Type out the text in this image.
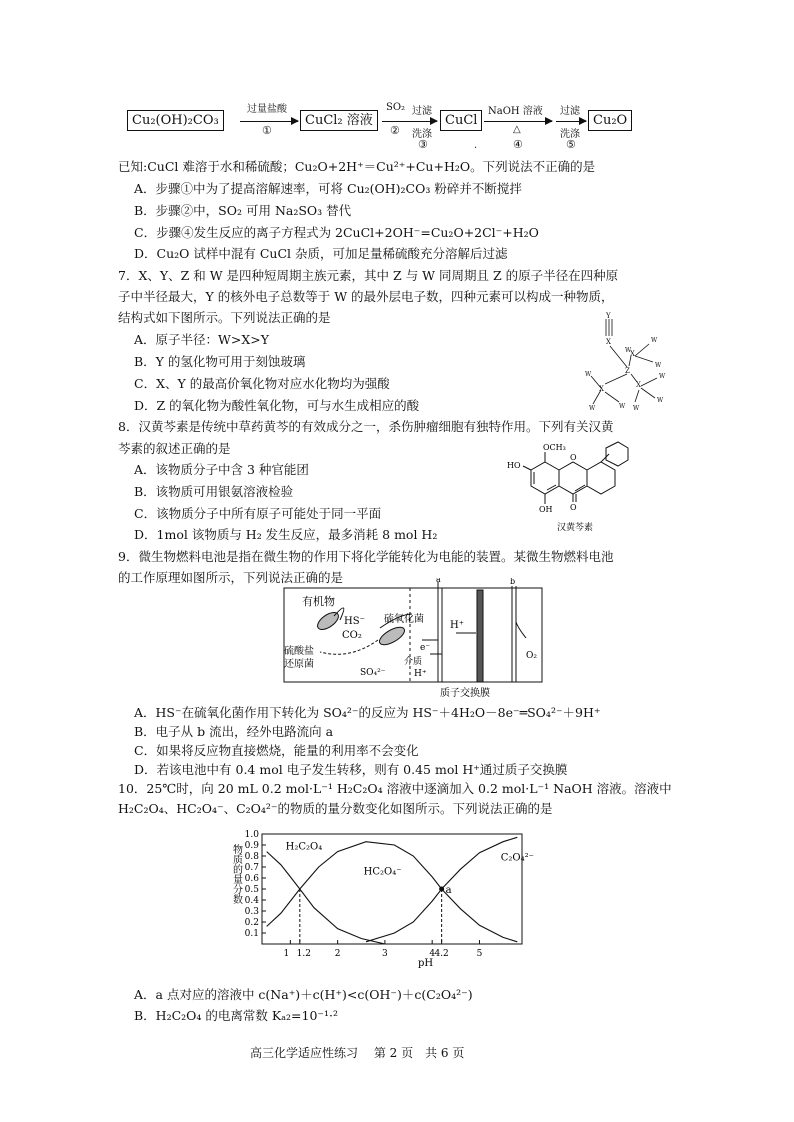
Cu₂(OH)₂CO₃
过量盐酸
①
CuCl₂ 溶液
SO₂
②
过滤
洗涤
③
CuCl
NaOH 溶液
△
④
.
过滤
洗涤
⑤
Cu₂O
已知:CuCl 难溶于水和稀硫酸；Cu₂O+2H⁺＝Cu²⁺+Cu+H₂O。下列说法不正确的是
A．步骤①中为了提高溶解速率，可将 Cu₂(OH)₂CO₃ 粉碎并不断搅拌
B．步骤②中，SO₂ 可用 Na₂SO₃ 替代
C．步骤④发生反应的离子方程式为 2CuCl+2OH⁻=Cu₂O+2Cl⁻+H₂O
D．Cu₂O 试样中混有 CuCl 杂质，可加足量稀硫酸充分溶解后过滤
7．X、Y、Z 和 W 是四种短周期主族元素，其中 Z 与 W 同周期且 Z 的原子半径在四种原
子中半径最大，Y 的核外电子总数等于 W 的最外层电子数，四种元素可以构成一种物质，
结构式如下图所示。下列说法正确的是
A．原子半径：W>X>Y
B．Y 的氢化物可用于刻蚀玻璃
C．X、Y 的最高价氧化物对应水化物均为强酸
D．Z 的氧化物为酸性氧化物，可与水生成相应的酸
Y
X
X
Z
X	X
W
W
W
W
W	W
W
W
W
8．汉黄芩素是传统中草药黄芩的有效成分之一，杀伤肿瘤细胞有独特作用。下列有关汉黄
芩素的叙述正确的是
A．该物质分子中含 3 种官能团
B．该物质可用银氨溶液检验
C．该物质分子中所有原子可能处于同一平面
D．1mol 该物质与 H₂ 发生反应，最多消耗 8 mol H₂
OCH₃
HO
OH
O
O
汉黄芩素
9．微生物燃料电池是指在微生物的作用下将化学能转化为电能的装置。某微生物燃料电池
的工作原理如图所示，下列说法正确的是	a	b
有机物
HS⁻
CO₂
硫氧化菌
硫酸盐
还原菌
SO₄²⁻
e⁻
介质
H⁺
H⁺
O₂
质子交换膜
A．HS⁻在硫氧化菌作用下转化为 SO₄²⁻的反应为 HS⁻＋4H₂O－8e⁻═SO₄²⁻＋9H⁺
B．电子从 b 流出，经外电路流向 a
C．如果将反应物直接燃烧，能量的利用率不会变化
D．若该电池中有 0.4 mol 电子发生转移，则有 0.45 mol H⁺通过质子交换膜
10．25℃时，向 20 mL 0.2 mol·L⁻¹ H₂C₂O₄ 溶液中逐滴加入 0.2 mol·L⁻¹ NaOH 溶液。溶液中
H₂C₂O₄、HC₂O₄⁻、C₂O₄²⁻的物质的量分数变化如图所示。下列说法正确的是
物质的量分数
pH
0.1
0.2
0.3
0.4
0.5
0.6
0.7
0.8
0.9
1.0
1 1.2	2	3	4 4.2	5
H₂C₂O₄
HC₂O₄⁻
C₂O₄²⁻
a
A．a 点对应的溶液中 c(Na⁺)＋c(H⁺)<c(OH⁻)＋c(C₂O₄²⁻)
B．H₂C₂O₄ 的电离常数 Kₐ₂=10⁻¹·²
高三化学适应性练习　 第 2 页　共 6 页
